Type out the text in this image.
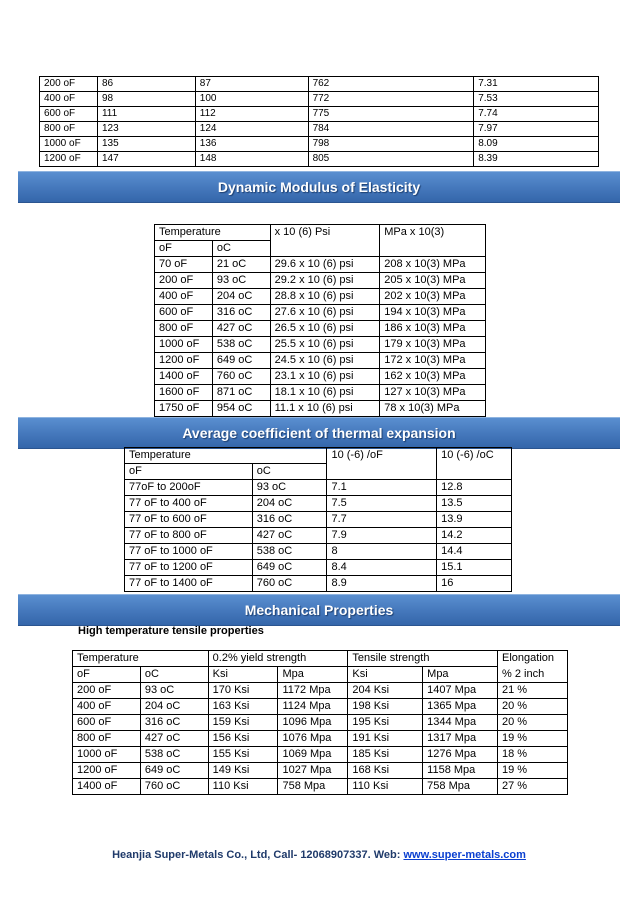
200 oF	86	87	762	7.31
400 oF	98	100	772	7.53
600 oF	111	112	775	7.74
800 oF	123	124	784	7.97
1000 oF	135	136	798	8.09
1200 oF	147	148	805	8.39
Dynamic Modulus of Elasticity
Temperature		x 10 (6) Psi	MPa x 10(3)
oF	oC		
70 oF	21 oC	29.6 x 10 (6) psi	208 x 10(3) MPa
200 oF	93 oC	29.2 x 10 (6) psi	205 x 10(3) MPa
400 oF	204 oC	28.8 x 10 (6) psi	202 x 10(3) MPa
600 oF	316 oC	27.6 x 10 (6) psi	194 x 10(3) MPa
800 oF	427 oC	26.5 x 10 (6) psi	186 x 10(3) MPa
1000 oF	538 oC	25.5 x 10 (6) psi	179 x 10(3) MPa
1200 oF	649 oC	24.5 x 10 (6) psi	172 x 10(3) MPa
1400 oF	760 oC	23.1 x 10 (6) psi	162 x 10(3) MPa
1600 oF	871 oC	18.1 x 10 (6) psi	127 x 10(3) MPa
1750 oF	954 oC	11.1 x 10 (6) psi	78 x 10(3) MPa
Average coefficient of thermal expansion
Temperature		10 (-6) /oF	10 (-6) /oC
oF	oC		
77oF to 200oF	93 oC	7.1	12.8
77 oF to 400 oF	204 oC	7.5	13.5
77 oF to 600 oF	316 oC	7.7	13.9
77 oF to 800 oF	427 oC	7.9	14.2
77 oF to 1000 oF	538 oC	8	14.4
77 oF to 1200 oF	649 oC	8.4	15.1
77 oF to 1400 oF	760 oC	8.9	16
Mechanical Properties
High temperature tensile properties
Temperature		0.2% yield strength		Tensile strength		Elongation
oF	oC	Ksi	Mpa	Ksi	Mpa	% 2 inch
200 oF	93 oC	170 Ksi	1172 Mpa	204 Ksi	1407 Mpa	21 %
400 oF	204 oC	163 Ksi	1124 Mpa	198 Ksi	1365 Mpa	20 %
600 oF	316 oC	159 Ksi	1096 Mpa	195 Ksi	1344 Mpa	20 %
800 oF	427 oC	156 Ksi	1076 Mpa	191 Ksi	1317 Mpa	19 %
1000 oF	538 oC	155 Ksi	1069 Mpa	185 Ksi	1276 Mpa	18 %
1200 oF	649 oC	149 Ksi	1027 Mpa	168 Ksi	1158 Mpa	19 %
1400 oF	760 oC	110 Ksi	758 Mpa	110 Ksi	758 Mpa	27 %
Heanjia Super-Metals Co., Ltd, Call- 12068907337. Web: www.super-metals.com
